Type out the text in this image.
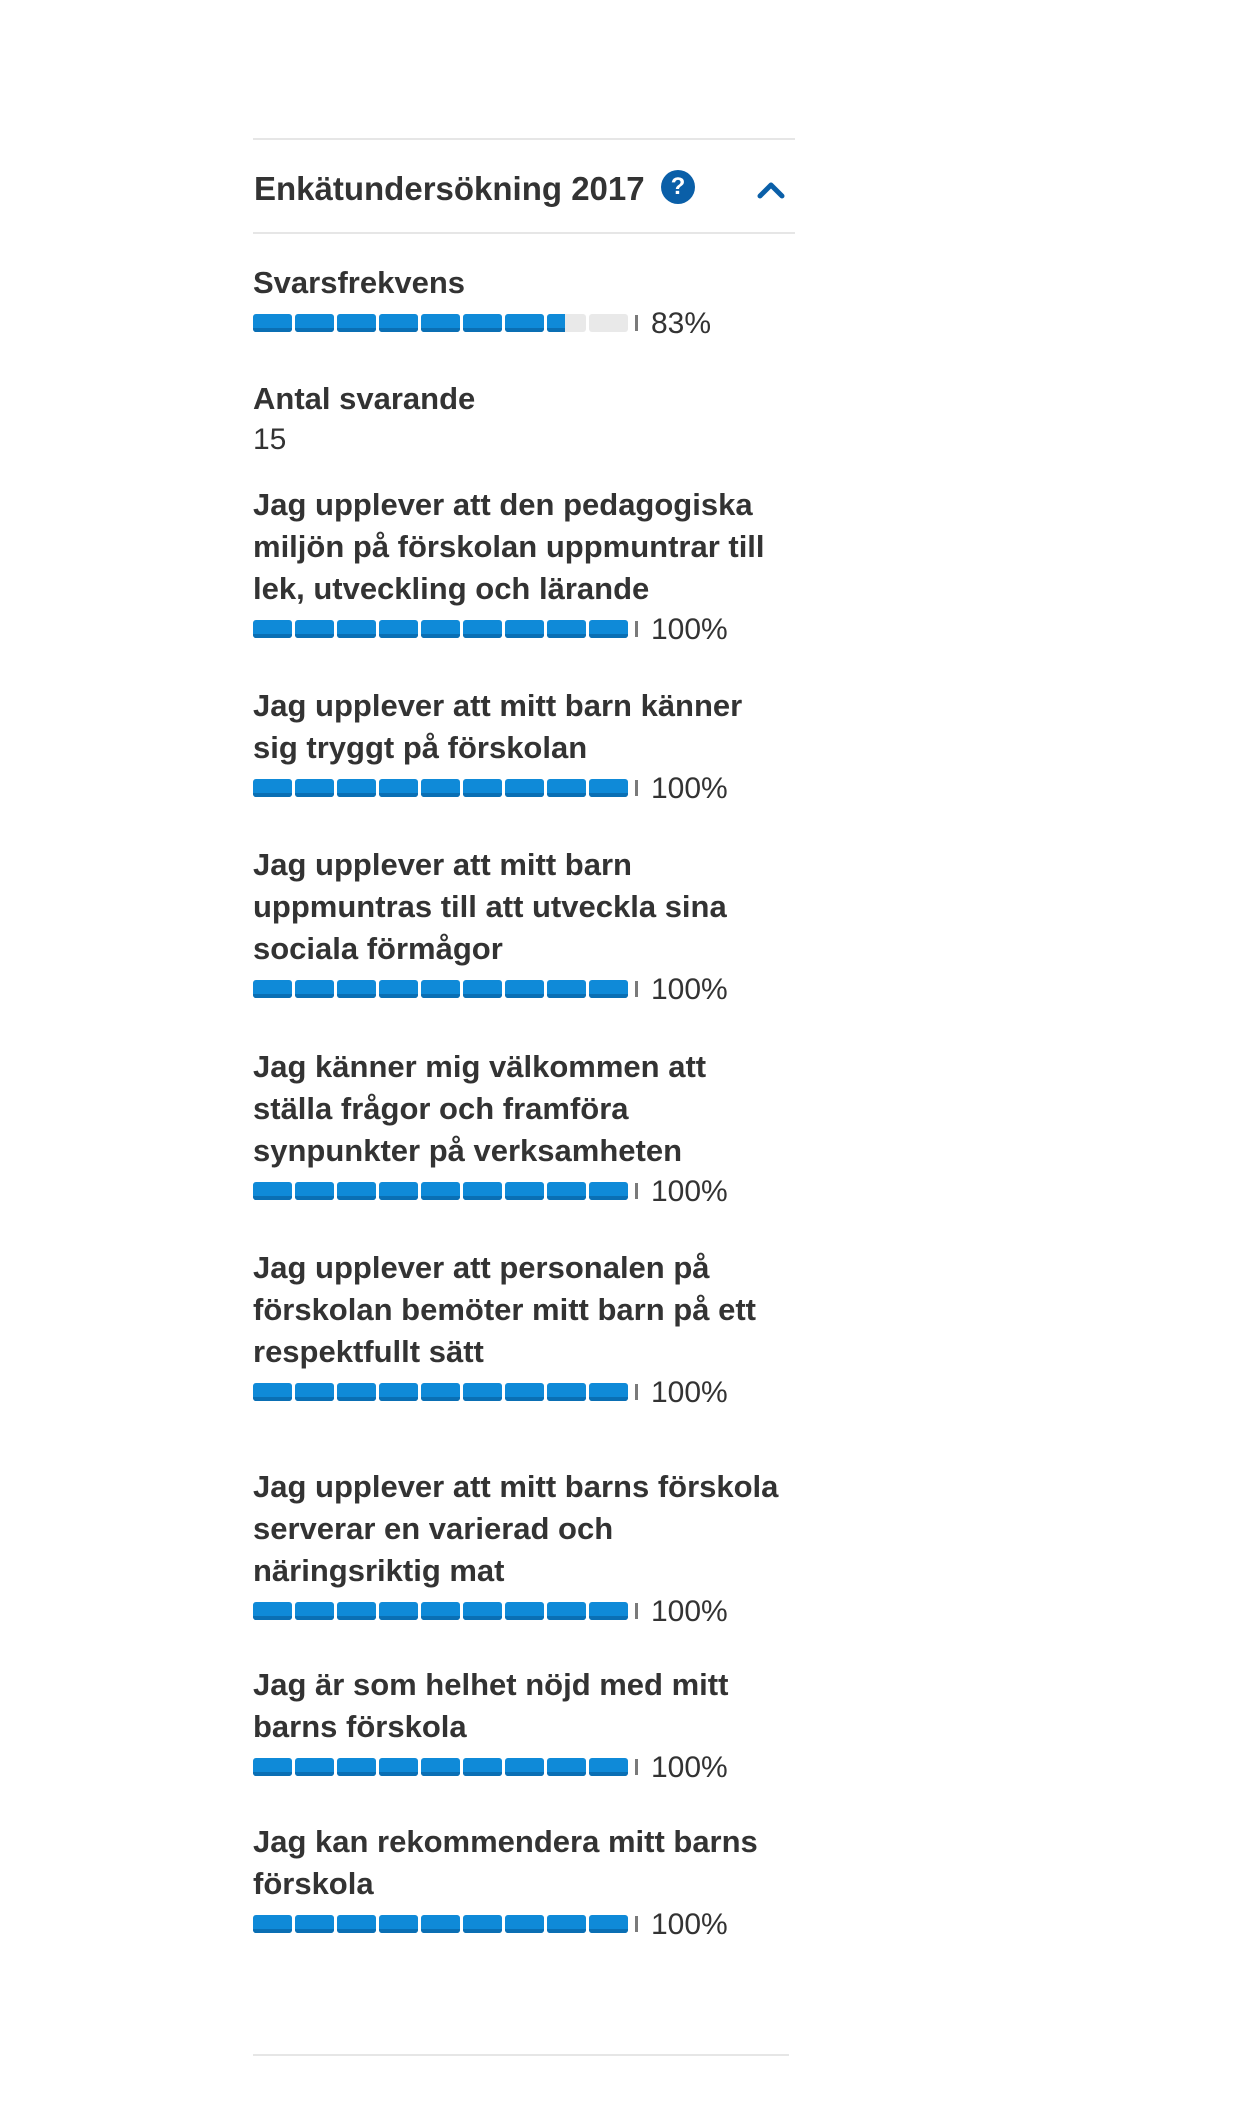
Enkätundersökning 2017	?
Svarsfrekvens
83%
Antal svarande
15
Jag upplever att den pedagogiska miljön på förskolan uppmuntrar till lek, utveckling och lärande
100%
Jag upplever att mitt barn känner sig tryggt på förskolan
100%
Jag upplever att mitt barn uppmuntras till att utveckla sina sociala förmågor
100%
Jag känner mig välkommen att ställa frågor och framföra synpunkter på verksamheten
100%
Jag upplever att personalen på förskolan bemöter mitt barn på ett respektfullt sätt
100%
Jag upplever att mitt barns förskola serverar en varierad och näringsriktig mat
100%
Jag är som helhet nöjd med mitt barns förskola
100%
Jag kan rekommendera mitt barns förskola
100%
